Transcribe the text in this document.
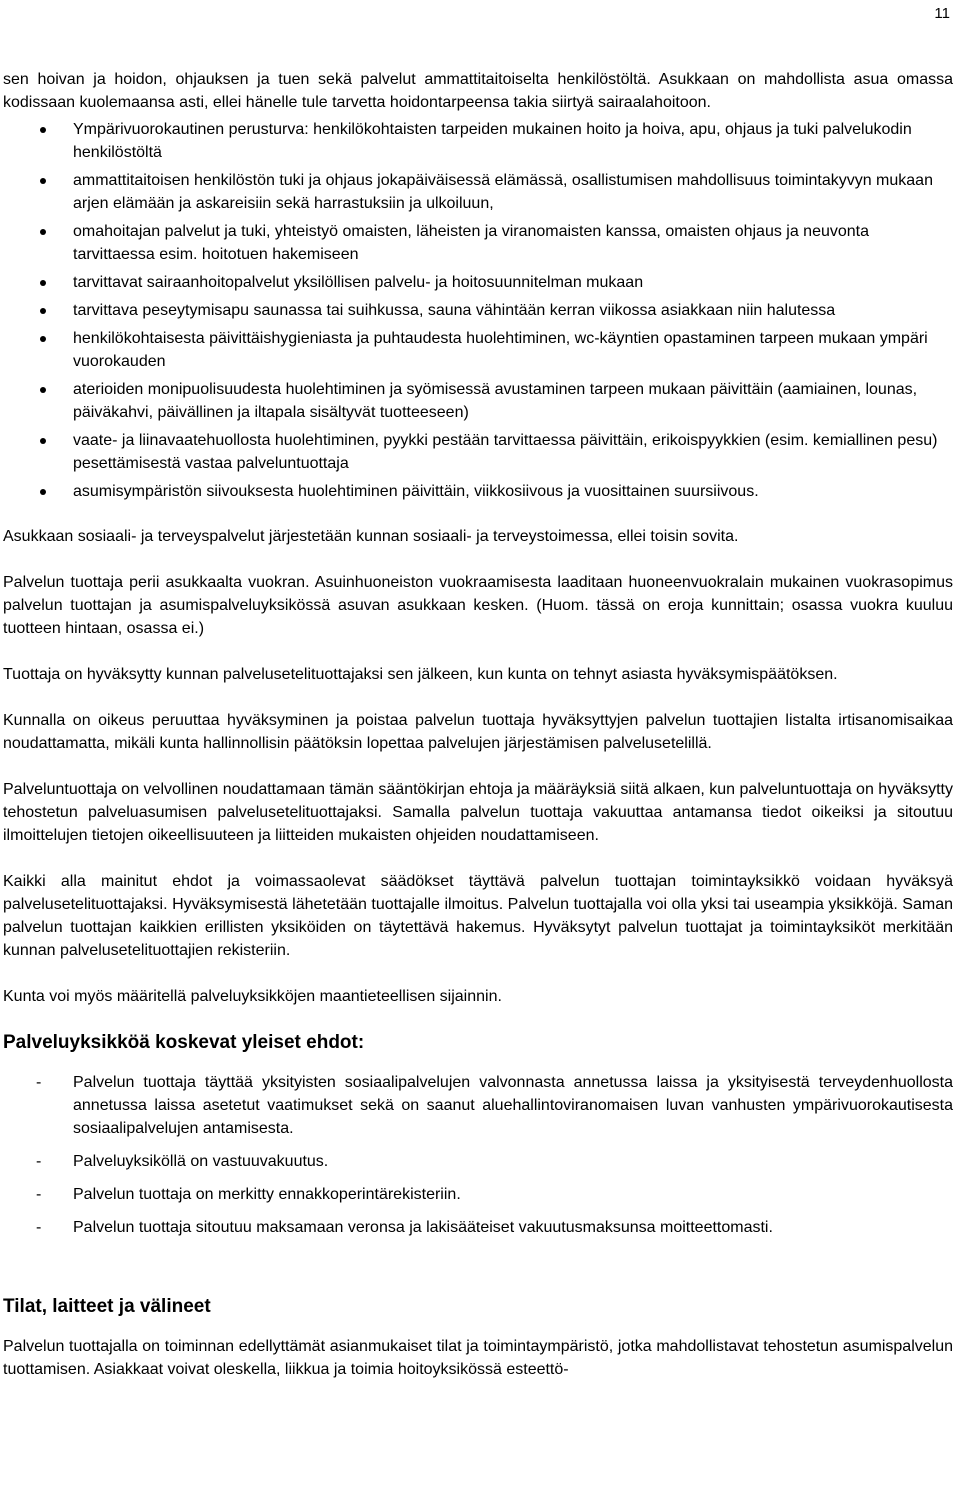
11

sen hoivan ja hoidon, ohjauksen ja tuen sekä palvelut ammattitaitoiselta henkilöstöltä. Asukkaan on mahdollista asua omassa kodissaan kuolemaansa asti, ellei hänelle tule tarvetta hoidontarpeensa takia siirtyä sairaalahoitoon.

Ympärivuorokautinen perusturva: henkilökohtaisten tarpeiden mukainen hoito ja hoiva, apu, ohjaus ja tuki palvelukodin henkilöstöltä
ammattitaitoisen henkilöstön tuki ja ohjaus jokapäiväisessä elämässä, osallistumisen mahdollisuus toimintakyvyn mukaan arjen elämään ja askareisiin sekä harrastuksiin ja ulkoiluun,
omahoitajan palvelut ja tuki, yhteistyö omaisten, läheisten ja viranomaisten kanssa, omaisten ohjaus ja neuvonta tarvittaessa esim. hoitotuen hakemiseen
tarvittavat sairaanhoitopalvelut yksilöllisen palvelu- ja hoitosuunnitelman mukaan
tarvittava peseytymisapu saunassa tai suihkussa, sauna vähintään kerran viikossa asiakkaan niin halutessa
henkilökohtaisesta päivittäishygieniasta ja puhtaudesta huolehtiminen, wc-käyntien opastaminen tarpeen mukaan ympäri vuorokauden
aterioiden monipuolisuudesta huolehtiminen ja syömisessä avustaminen tarpeen mukaan päivittäin (aamiainen, lounas, päiväkahvi, päivällinen ja iltapala sisältyvät tuotteeseen)
vaate- ja liinavaatehuollosta huolehtiminen, pyykki pestään tarvittaessa päivittäin, erikoispyykkien (esim. kemiallinen pesu) pesettämisestä vastaa palveluntuottaja
asumisympäristön siivouksesta huolehtiminen päivittäin, viikkosiivous ja vuosittainen suursiivous.

Asukkaan sosiaali- ja terveyspalvelut järjestetään kunnan sosiaali- ja terveystoimessa, ellei toisin sovita.

Palvelun tuottaja perii asukkaalta vuokran. Asuinhuoneiston vuokraamisesta laaditaan huoneenvuokralain mukainen vuokrasopimus palvelun tuottajan ja asumispalveluyksikössä asuvan asukkaan kesken. (Huom. tässä on eroja kunnittain; osassa vuokra kuuluu tuotteen hintaan, osassa ei.)

Tuottaja on hyväksytty kunnan palvelusetelituottajaksi sen jälkeen, kun kunta on tehnyt asiasta hyväksymispäätöksen.

Kunnalla on oikeus peruuttaa hyväksyminen ja poistaa palvelun tuottaja hyväksyttyjen palvelun tuottajien listalta irtisanomisaikaa noudattamatta, mikäli kunta hallinnollisin päätöksin lopettaa palvelujen järjestämisen palvelusetelillä.

Palveluntuottaja on velvollinen noudattamaan tämän sääntökirjan ehtoja ja määräyksiä siitä alkaen, kun palveluntuottaja on hyväksytty tehostetun palveluasumisen palvelusetelituottajaksi. Samalla palvelun tuottaja vakuuttaa antamansa tiedot oikeiksi ja sitoutuu ilmoittelujen tietojen oikeellisuuteen ja liitteiden mukaisten ohjeiden noudattamiseen.

Kaikki alla mainitut ehdot ja voimassaolevat säädökset täyttävä palvelun tuottajan toimintayksikkö voidaan hyväksyä palvelusetelituottajaksi. Hyväksymisestä lähetetään tuottajalle ilmoitus. Palvelun tuottajalla voi olla yksi tai useampia yksikköjä. Saman palvelun tuottajan kaikkien erillisten yksiköiden on täytettävä hakemus. Hyväksytyt palvelun tuottajat ja toimintayksiköt merkitään kunnan palvelusetelituottajien rekisteriin.

Kunta voi myös määritellä palveluyksikköjen maantieteellisen sijainnin.

Palveluyksikköä koskevat yleiset ehdot:
- Palvelun tuottaja täyttää yksityisten sosiaalipalvelujen valvonnasta annetussa laissa ja yksityisestä terveydenhuollosta annetussa laissa asetetut vaatimukset sekä on saanut aluehallintoviranomaisen luvan vanhusten ympärivuorokautisesta sosiaalipalvelujen antamisesta.
- Palveluyksiköllä on vastuuvakuutus.
- Palvelun tuottaja on merkitty ennakkoperintärekisteriin.
- Palvelun tuottaja sitoutuu maksamaan veronsa ja lakisääteiset vakuutusmaksunsa moitteettomasti.
Tilat, laitteet ja välineet

Palvelun tuottajalla on toiminnan edellyttämät asianmukaiset tilat ja toimintaympäristö, jotka mahdollistavat tehostetun asumispalvelun tuottamisen. Asiakkaat voivat oleskella, liikkua ja toimia hoitoyksikössä esteettö-
